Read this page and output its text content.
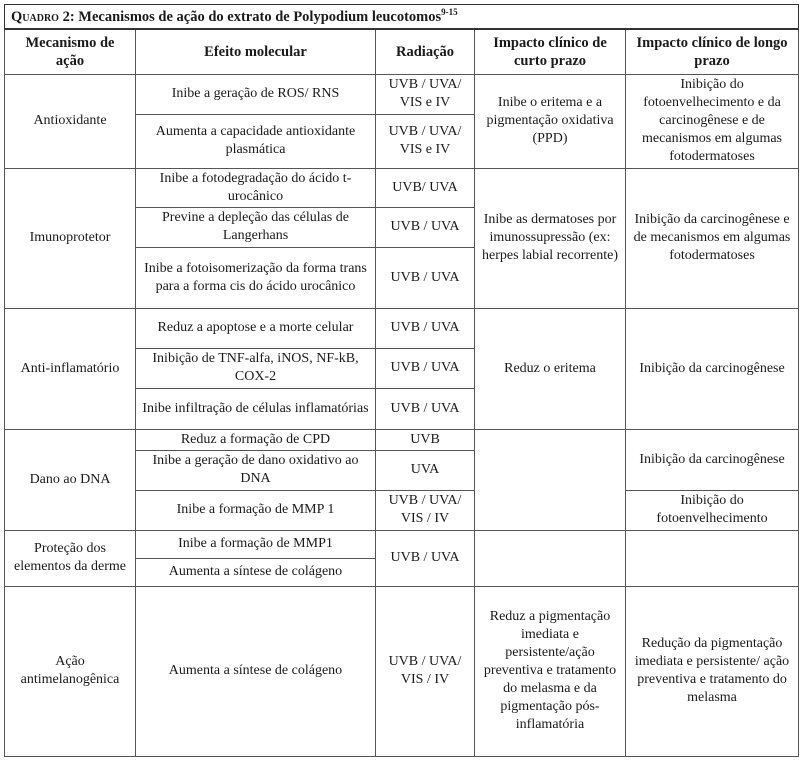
Quadro 2: Mecanismos de ação do extrato de Polypodium leucotomos$^{9-15}$
Mecanismo de ação	Efeito molecular	Radiação	Impacto clínico de curto prazo	Impacto clínico de longo prazo
Antioxidante	Inibe a geração de ROS/ RNS	UVB / UVA/ VIS e IV	Inibe o eritema e a pigmentação oxidativa (PPD)	Inibição do fotoenvelhecimento e da carcinogênese e de mecanismos em algumas fotodermatoses
	Aumenta a capacidade antioxidante plasmática	UVB / UVA/ VIS e IV		
Imunoprotetor	Inibe a fotodegradação do ácido t-urocânico	UVB/ UVA	Inibe as dermatoses por imunossupressão (ex: herpes labial recorrente)	Inibição da carcinogênese e de mecanismos em algumas fotodermatoses
	Previne a depleção das células de Langerhans	UVB / UVA		
	Inibe a fotoisomerização da forma trans para a forma cis do ácido urocânico	UVB / UVA		
Anti-inflamatório	Reduz a apoptose e a morte celular	UVB / UVA	Reduz o eritema	Inibição da carcinogênese
	Inibição de TNF-alfa, iNOS, NF-kB, COX-2	UVB / UVA		
	Inibe infiltração de células inflamatórias	UVB / UVA		
Dano ao DNA	Reduz a formação de CPD	UVB		Inibição da carcinogênese
	Inibe a geração de dano oxidativo ao DNA	UVA		
	Inibe a formação de MMP 1	UVB / UVA/ VIS / IV		Inibição do fotoenvelhecimento
Proteção dos elementos da derme	Inibe a formação de MMP1	UVB / UVA		
	Aumenta a síntese de colágeno			
Ação antimelanogênica	Aumenta a síntese de colágeno	UVB / UVA/ VIS / IV	Reduz a pigmentação imediata e persistente/ação preventiva e tratamento do melasma e da pigmentação pós-inflamatória	Redução da pigmentação imediata e persistente/ ação preventiva e tratamento do melasma
